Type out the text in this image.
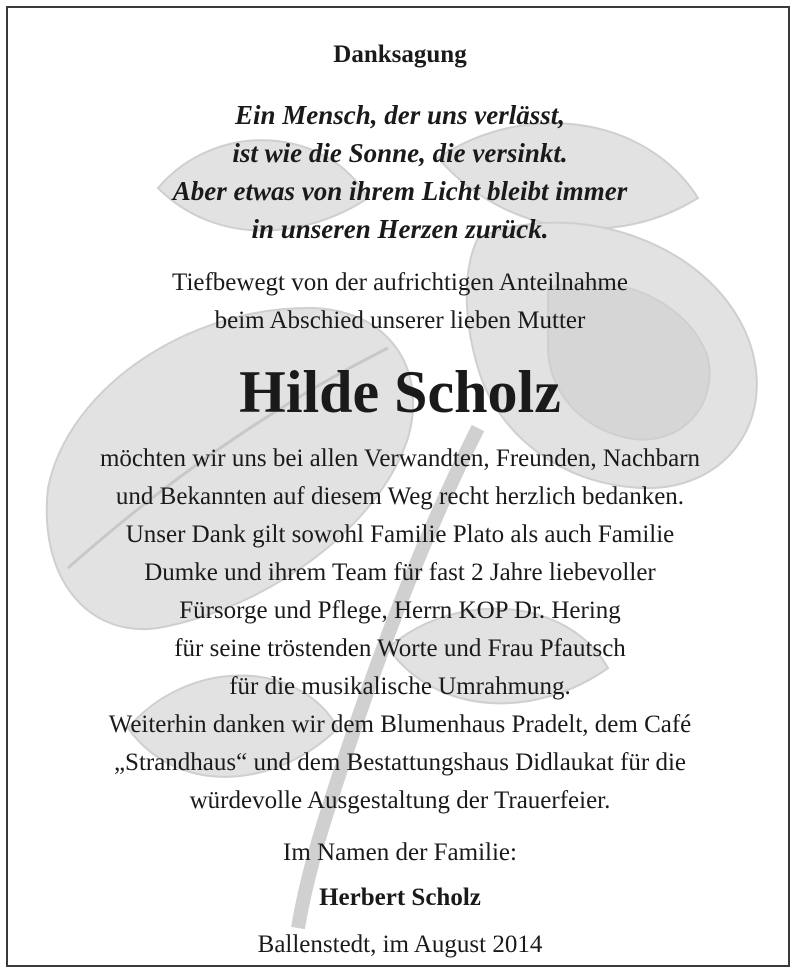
Danksagung
Ein Mensch, der uns verlässt,
ist wie die Sonne, die versinkt.
Aber etwas von ihrem Licht bleibt immer
in unseren Herzen zurück.
Tiefbewegt von der aufrichtigen Anteilnahme
beim Abschied unserer lieben Mutter
Hilde Scholz
möchten wir uns bei allen Verwandten, Freunden, Nachbarn
und Bekannten auf diesem Weg recht herzlich bedanken.
Unser Dank gilt sowohl Familie Plato als auch Familie
Dumke und ihrem Team für fast 2 Jahre liebevoller
Fürsorge und Pflege, Herrn KOP Dr. Hering
für seine tröstenden Worte und Frau Pfautsch
für die musikalische Umrahmung.
Weiterhin danken wir dem Blumenhaus Pradelt, dem Café
„Strandhaus“ und dem Bestattungshaus Didlaukat für die
würdevolle Ausgestaltung der Trauerfeier.
Im Namen der Familie:
Herbert Scholz
Ballenstedt, im August 2014
